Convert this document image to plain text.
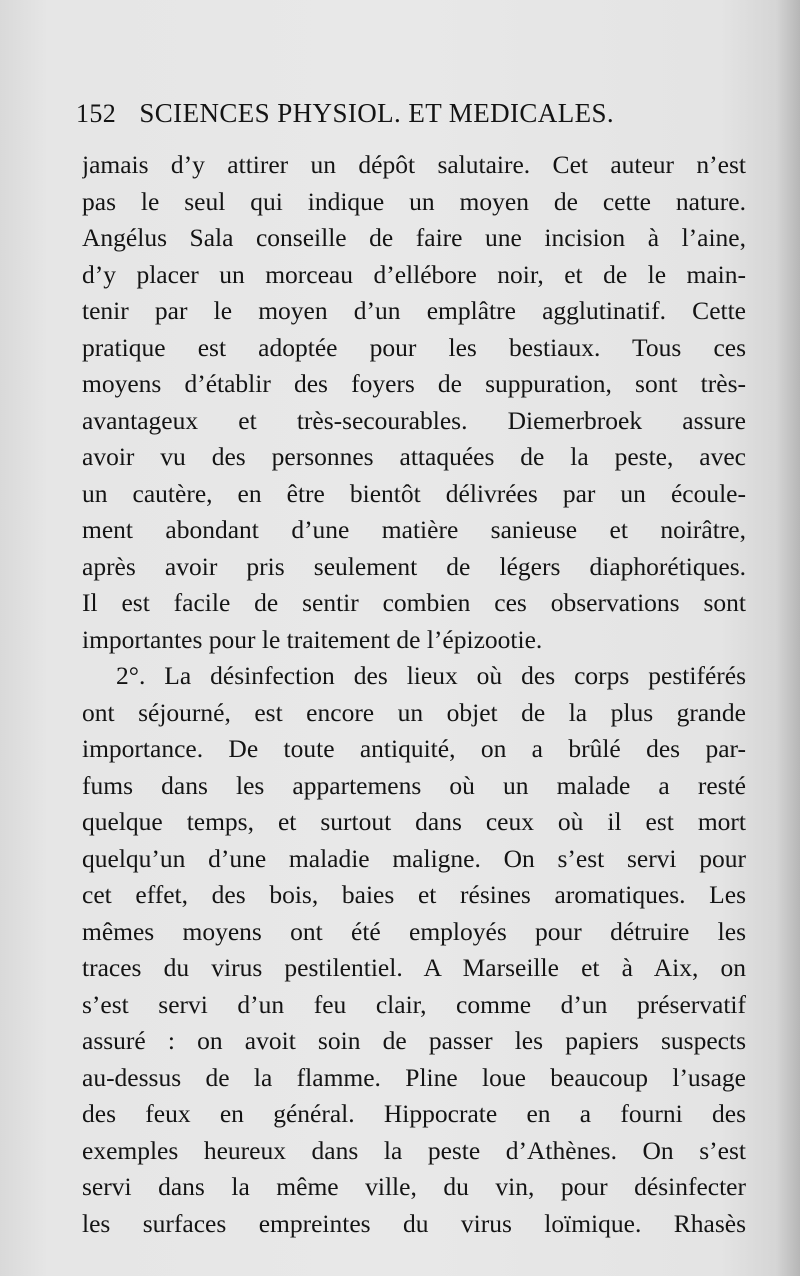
152 SCIENCES PHYSIOL. ET MEDICALES.
jamais d’y attirer un dépôt salutaire. Cet auteur n’est
pas le seul qui indique un moyen de cette nature.
Angélus Sala conseille de faire une incision à l’aine,
d’y placer un morceau d’ellébore noir, et de le main-
tenir par le moyen d’un emplâtre agglutinatif. Cette
pratique est adoptée pour les bestiaux. Tous ces
moyens d’établir des foyers de suppuration, sont très-
avantageux et très-secourables. Diemerbroek assure
avoir vu des personnes attaquées de la peste, avec
un cautère, en être bientôt délivrées par un écoule-
ment abondant d’une matière sanieuse et noirâtre,
après avoir pris seulement de légers diaphorétiques.
Il est facile de sentir combien ces observations sont
importantes pour le traitement de l’épizootie.
2°. La désinfection des lieux où des corps pestiférés
ont séjourné, est encore un objet de la plus grande
importance. De toute antiquité, on a brûlé des par-
fums dans les appartemens où un malade a resté
quelque temps, et surtout dans ceux où il est mort
quelqu’un d’une maladie maligne. On s’est servi pour
cet effet, des bois, baies et résines aromatiques. Les
mêmes moyens ont été employés pour détruire les
traces du virus pestilentiel. A Marseille et à Aix, on
s’est servi d’un feu clair, comme d’un préservatif
assuré : on avoit soin de passer les papiers suspects
au-dessus de la flamme. Pline loue beaucoup l’usage
des feux en général. Hippocrate en a fourni des
exemples heureux dans la peste d’Athènes. On s’est
servi dans la même ville, du vin, pour désinfecter
les surfaces empreintes du virus loïmique. Rhasès
